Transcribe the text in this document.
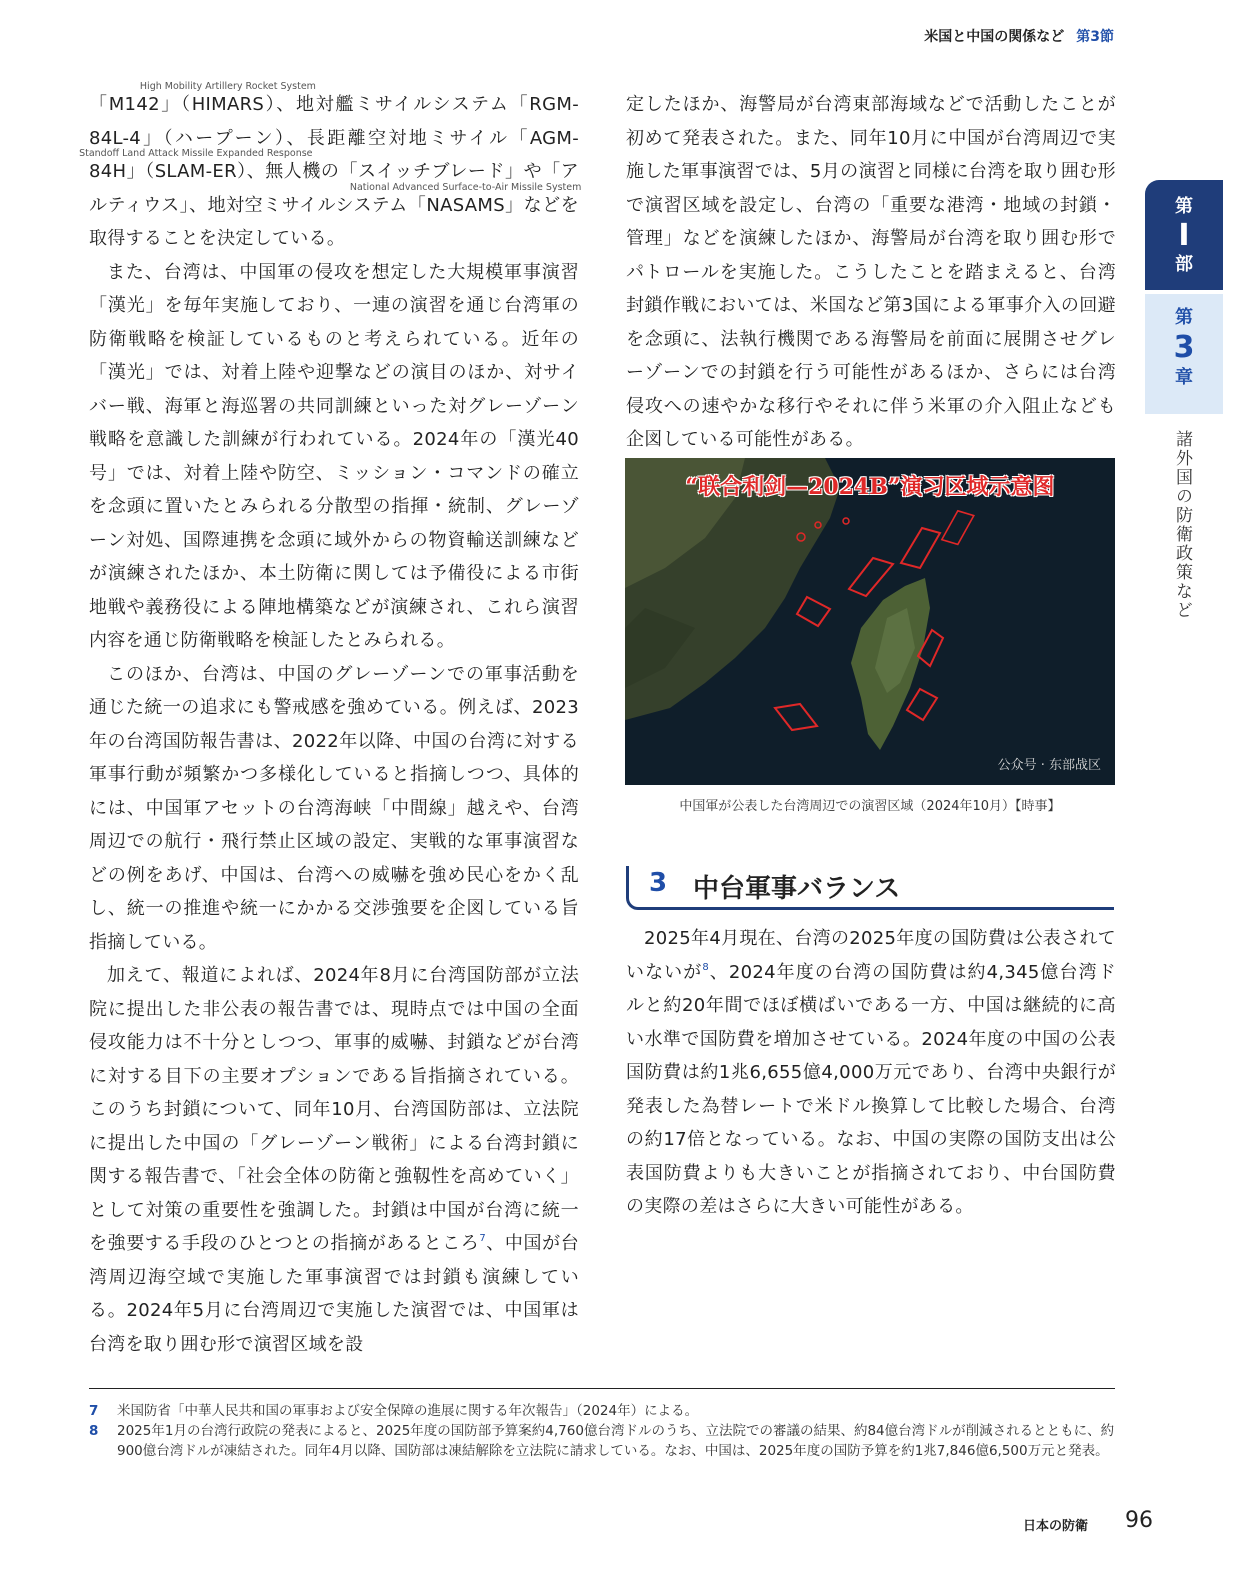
米国と中国の関係など 第3節

「M142」（HIMARS
High Mobility Artillery Rocket System
）、地対艦ミサイルシステム「RGM-84L-4」（ハープーン）、長距離空対地ミサイル「AGM-84H」（SLAM-ER
Standoff Land Attack Missile Expanded Response
）、無人機の「スイッチブレード」や「アルティウス」、地対空ミサイルシステム「NASAMS
National Advanced Surface-to-Air Missile System
」などを取得することを決定している。

また、台湾は、中国軍の侵攻を想定した大規模軍事演習「漢光」を毎年実施しており、一連の演習を通じ台湾軍の防衛戦略を検証しているものと考えられている。近年の「漢光」では、対着上陸や迎撃などの演目のほか、対サイバー戦、海軍と海巡署の共同訓練といった対グレーゾーン戦略を意識した訓練が行われている。2024年の「漢光40号」では、対着上陸や防空、ミッション・コマンドの確立を念頭に置いたとみられる分散型の指揮・統制、グレーゾーン対処、国際連携を念頭に域外からの物資輸送訓練などが演練されたほか、本土防衛に関しては予備役による市街地戦や義務役による陣地構築などが演練され、これら演習内容を通じ防衛戦略を検証したとみられる。

このほか、台湾は、中国のグレーゾーンでの軍事活動を通じた統一の追求にも警戒感を強めている。例えば、2023年の台湾国防報告書は、2022年以降、中国の台湾に対する軍事行動が頻繁かつ多様化していると指摘しつつ、具体的には、中国軍アセットの台湾海峡「中間線」越えや、台湾周辺での航行・飛行禁止区域の設定、実戦的な軍事演習などの例をあげ、中国は、台湾への威嚇を強め民心をかく乱し、統一の推進や統一にかかる交渉強要を企図している旨指摘している。

加えて、報道によれば、2024年8月に台湾国防部が立法院に提出した非公表の報告書では、現時点では中国の全面侵攻能力は不十分としつつ、軍事的威嚇、封鎖などが台湾に対する目下の主要オプションである旨指摘されている。このうち封鎖について、同年10月、台湾国防部は、立法院に提出した中国の「グレーゾーン戦術」による台湾封鎖に関する報告書で、「社会全体の防衛と強靱性を高めていく」として対策の重要性を強調した。封鎖は中国が台湾に統一を強要する手段のひとつとの指摘があるところ$^7$、中国が台湾周辺海空域で実施した軍事演習では封鎖も演練している。2024年5月に台湾周辺で実施した演習では、中国軍は台湾を取り囲む形で演習区域を設

定したほか、海警局が台湾東部海域などで活動したことが初めて発表された。また、同年10月に中国が台湾周辺で実施した軍事演習では、5月の演習と同様に台湾を取り囲む形で演習区域を設定し、台湾の「重要な港湾・地域の封鎖・管理」などを演練したほか、海警局が台湾を取り囲む形でパトロールを実施した。こうしたことを踏まえると、台湾封鎖作戦においては、米国など第3国による軍事介入の回避を念頭に、法執行機関である海警局を前面に展開させグレーゾーンでの封鎖を行う可能性があるほか、さらには台湾侵攻への速やかな移行やそれに伴う米軍の介入阻止なども企図している可能性がある。

“联合利剑—2024B”演习区域示意图
公众号 · 东部战区
中国軍が公表した台湾周辺での演習区域（2024年10月）【時事】
3 中台軍事バランス

2025年4月現在、台湾の2025年度の国防費は公表されていないが$^8$、2024年度の台湾の国防費は約4,345億台湾ドルと約20年間でほぼ横ばいである一方、中国は継続的に高い水準で国防費を増加させている。2024年度の中国の公表国防費は約1兆6,655億4,000万元であり、台湾中央銀行が発表した為替レートで米ドル換算して比較した場合、台湾の約17倍となっている。なお、中国の実際の国防支出は公表国防費よりも大きいことが指摘されており、中台国防費の実際の差はさらに大きい可能性がある。

第
I
部
第
3
章
諸外国の防衛政策など
7 米国防省「中華人民共和国の軍事および安全保障の進展に関する年次報告」（2024年）による。
8 2025年1月の台湾行政院の発表によると、2025年度の国防部予算案約4,760億台湾ドルのうち、立法院での審議の結果、約84億台湾ドルが削減されるとともに、約900億台湾ドルが凍結された。同年4月以降、国防部は凍結解除を立法院に請求している。なお、中国は、2025年度の国防予算を約1兆7,846億6,500万元と発表。
日本の防衛 96
